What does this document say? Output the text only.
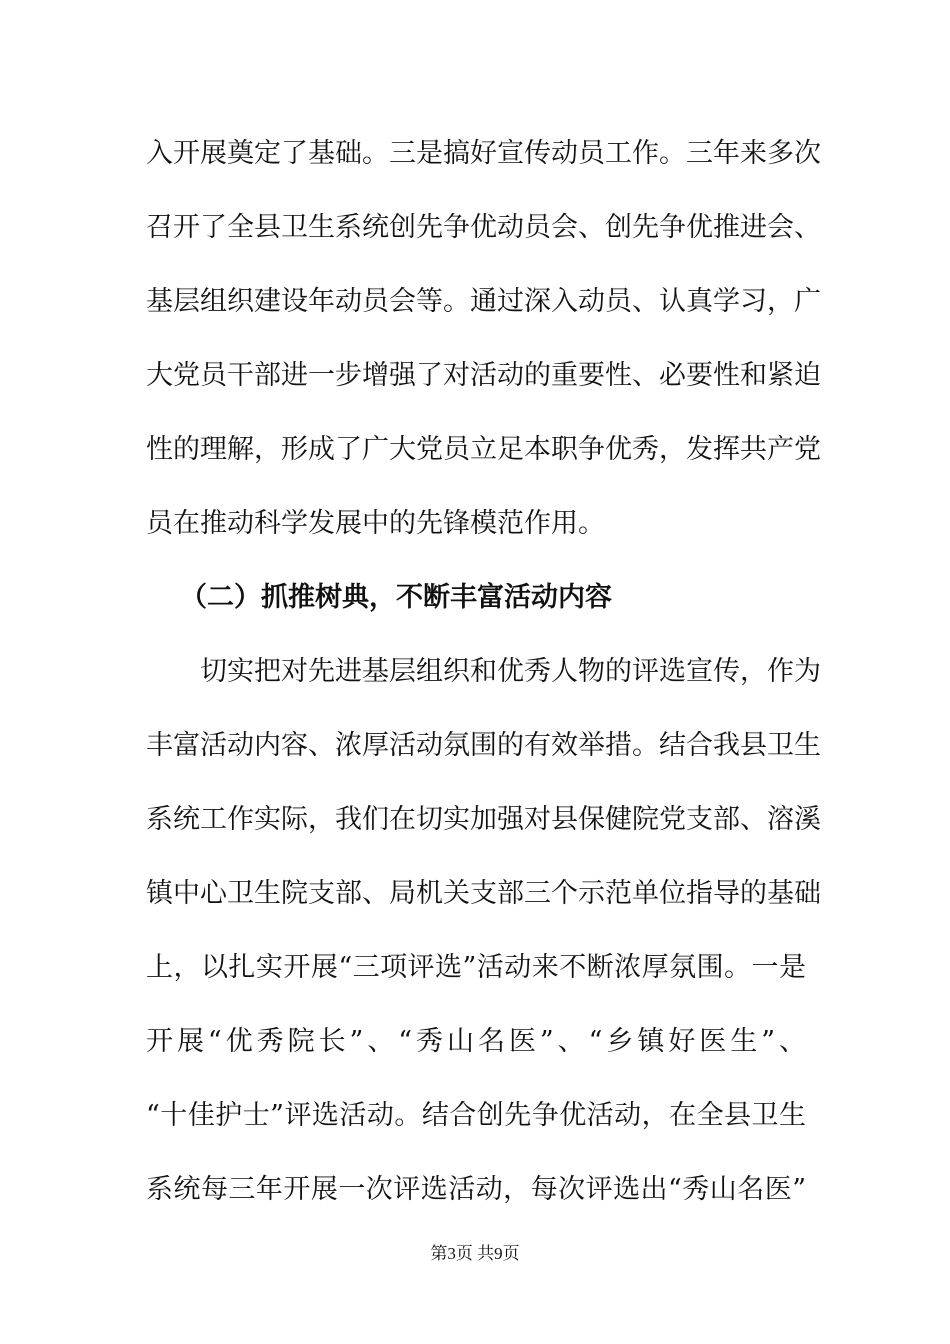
入开展奠定了基础。三是搞好宣传动员工作。三年来多次
召开了全县卫生系统创先争优动员会、创先争优推进会、
基层组织建设年动员会等。通过深入动员、认真学习，广
大党员干部进一步增强了对活动的重要性、必要性和紧迫
性的理解，形成了广大党员立足本职争优秀，发挥共产党
员在推动科学发展中的先锋模范作用。
（二）抓推树典，不断丰富活动内容
切实把对先进基层组织和优秀人物的评选宣传，作为
丰富活动内容、浓厚活动氛围的有效举措。结合我县卫生
系统工作实际，我们在切实加强对县保健院党支部、溶溪
镇中心卫生院支部、局机关支部三个示范单位指导的基础
上，以扎实开展“三项评选”活动来不断浓厚氛围。一是
开展“优秀院长”、“秀山名医”、“乡镇好医生”、
“十佳护士”评选活动。结合创先争优活动，在全县卫生
系统每三年开展一次评选活动，每次评选出“秀山名医”
第3页 共9页
